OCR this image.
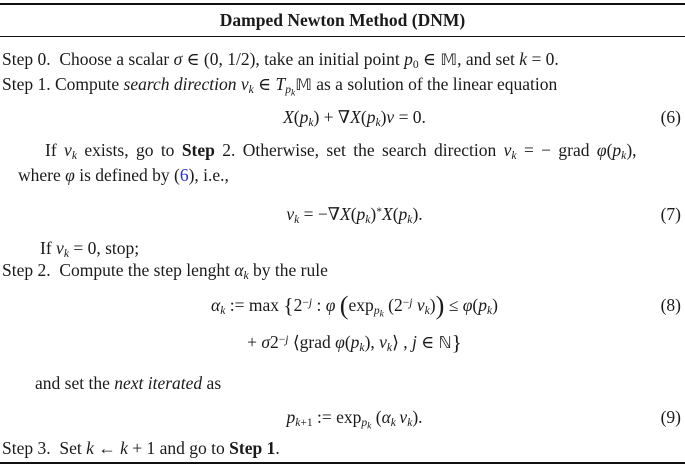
Damped Newton Method (DNM)
Step 0.  Choose a scalar σ ∈ (0, 1/2), take an initial point $p_0$ ∈ 𝕄, and set k = 0.
Step 1. Compute search direction $v_k$ ∈ $T_{p_k}𝕄$ as a solution of the linear equation
$X(p_k) + \nabla X(p_k)v = 0$.	(6)
If $v_k$ exists, go to Step 2. Otherwise, set the search direction $v_k$ = − grad $\varphi(p_k)$,
where φ is defined by (6), i.e.,
$v_k = -\nabla X(p_k)^*X(p_k)$.	(7)
If $v_k = 0$, stop;
Step 2.  Compute the step lenght $\alpha_k$ by the rule
$\alpha_k$ := $\max \{2^{-j}$ : φ ($\exp_{p_k}$ ($2^{-j}$ $v_k)) \le \varphi(p_k)$	(8)
+ $\sigma 2^{-j}$ ⟨grad $\varphi(p_k)$, $v_k⟩$ , j ∈ ℕ}
and set the next iterated as
$p_{k+1}$ := $\exp_{p_k} (\alpha_k$  $v_k$).	(9)
Step 3.  Set k ← k + 1 and go to Step 1.
